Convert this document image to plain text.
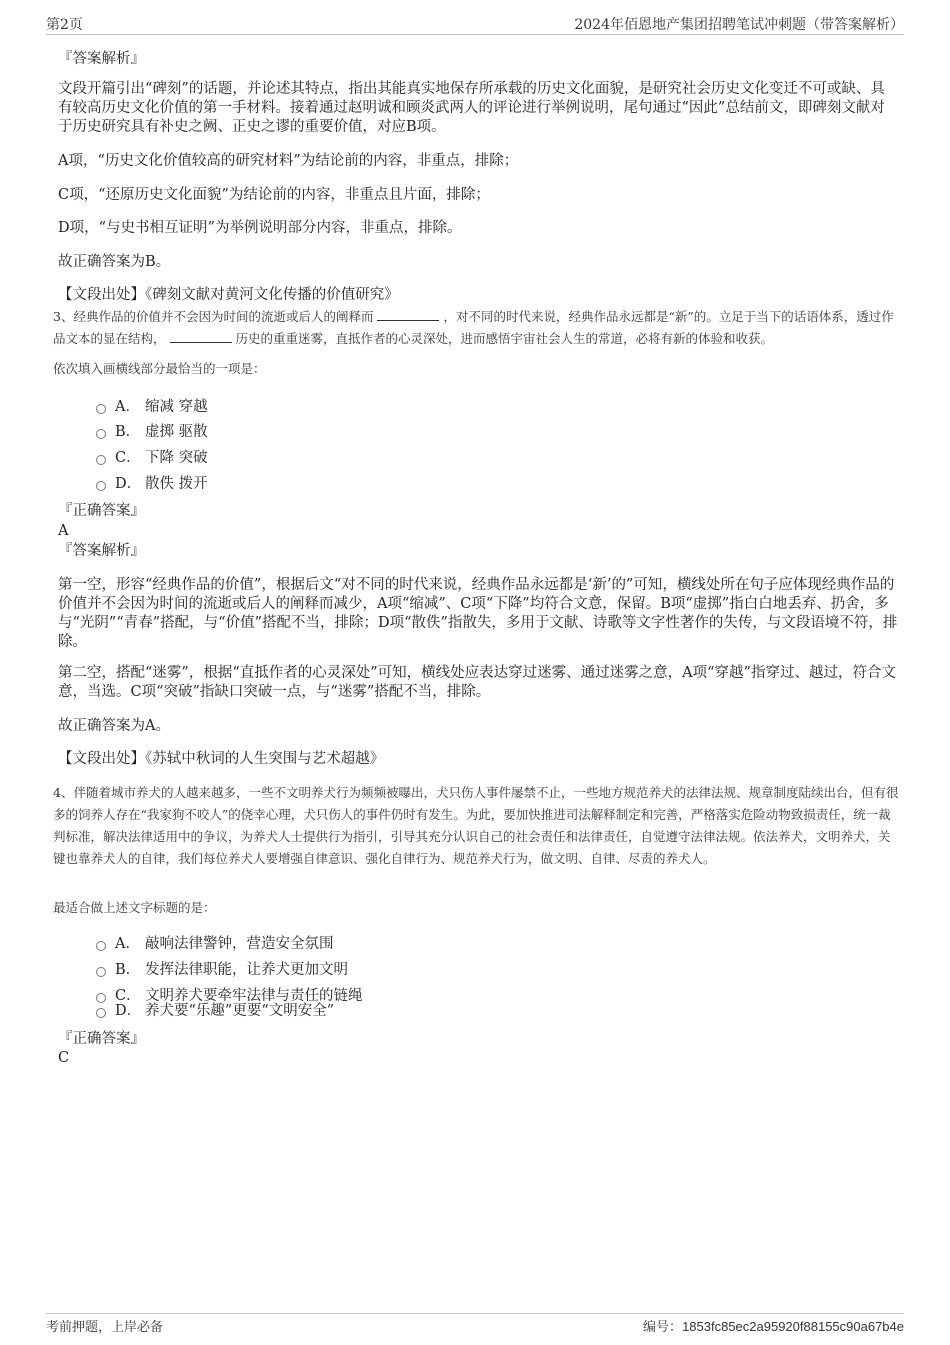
第2页	2024年佰恩地产集团招聘笔试冲刺题（带答案解析）
『答案解析』
文段开篇引出“碑刻”的话题，并论述其特点，指出其能真实地保存所承载的历史文化面貌，是研究社会历史文化变迁不可或缺、具有较高历史文化价值的第一手材料。接着通过赵明诚和顾炎武两人的评论进行举例说明，尾句通过“因此”总结前文，即碑刻文献对于历史研究具有补史之阙、正史之谬的重要价值，对应B项。
A项，“历史文化价值较高的研究材料”为结论前的内容，非重点，排除；
C项，“还原历史文化面貌”为结论前的内容，非重点且片面，排除；
D项，“与史书相互证明”为举例说明部分内容，非重点，排除。
故正确答案为B。
【文段出处】《碑刻文献对黄河文化传播的价值研究》
3、经典作品的价值并不会因为时间的流逝或后人的阐释而	，对不同的时代来说，经典作品永远都是“新”的。立足于当下的话语体系，透过作品文本的显在结构，	历史的重重迷雾，直抵作者的心灵深处，进而感悟宇宙社会人生的常道，必将有新的体验和收获。
依次填入画横线部分最恰当的一项是：
A． 缩减 穿越
B． 虚掷 驱散
C． 下降 突破
D． 散佚 拨开
『正确答案』
A
『答案解析』
第一空，形容“经典作品的价值”，根据后文“对不同的时代来说，经典作品永远都是‘新’的”可知，横线处所在句子应体现经典作品的价值并不会因为时间的流逝或后人的阐释而减少，A项“缩减”、C项“下降”均符合文意，保留。B项“虚掷”指白白地丢弃、扔舍，多与“光阴”“青春”搭配，与“价值”搭配不当，排除；D项“散佚”指散失，多用于文献、诗歌等文字性著作的失传，与文段语境不符，排除。
第二空，搭配“迷雾”，根据“直抵作者的心灵深处”可知，横线处应表达穿过迷雾、通过迷雾之意，A项“穿越”指穿过、越过，符合文意，当选。C项“突破”指缺口突破一点，与“迷雾”搭配不当，排除。
故正确答案为A。
【文段出处】《苏轼中秋词的人生突围与艺术超越》
4、伴随着城市养犬的人越来越多，一些不文明养犬行为频频被曝出，犬只伤人事件屡禁不止，一些地方规范养犬的法律法规、规章制度陆续出台，但有很多的饲养人存在“我家狗不咬人”的侥幸心理，犬只伤人的事件仍时有发生。为此，要加快推进司法解释制定和完善，严格落实危险动物致损责任，统一裁判标准，解决法律适用中的争议，为养犬人士提供行为指引，引导其充分认识自己的社会责任和法律责任，自觉遵守法律法规。依法养犬，文明养犬，关键也靠养犬人的自律，我们每位养犬人要增强自律意识、强化自律行为、规范养犬行为，做文明、自律、尽责的养犬人。
最适合做上述文字标题的是：
A． 敲响法律警钟，营造安全氛围
B． 发挥法律职能，让养犬更加文明
C． 文明养犬要牵牢法律与责任的链绳
D． 养犬要“乐趣”更要“文明安全”
『正确答案』
C
考前押题，上岸必备	编号：1853fc85ec2a95920f88155c90a67b4e
